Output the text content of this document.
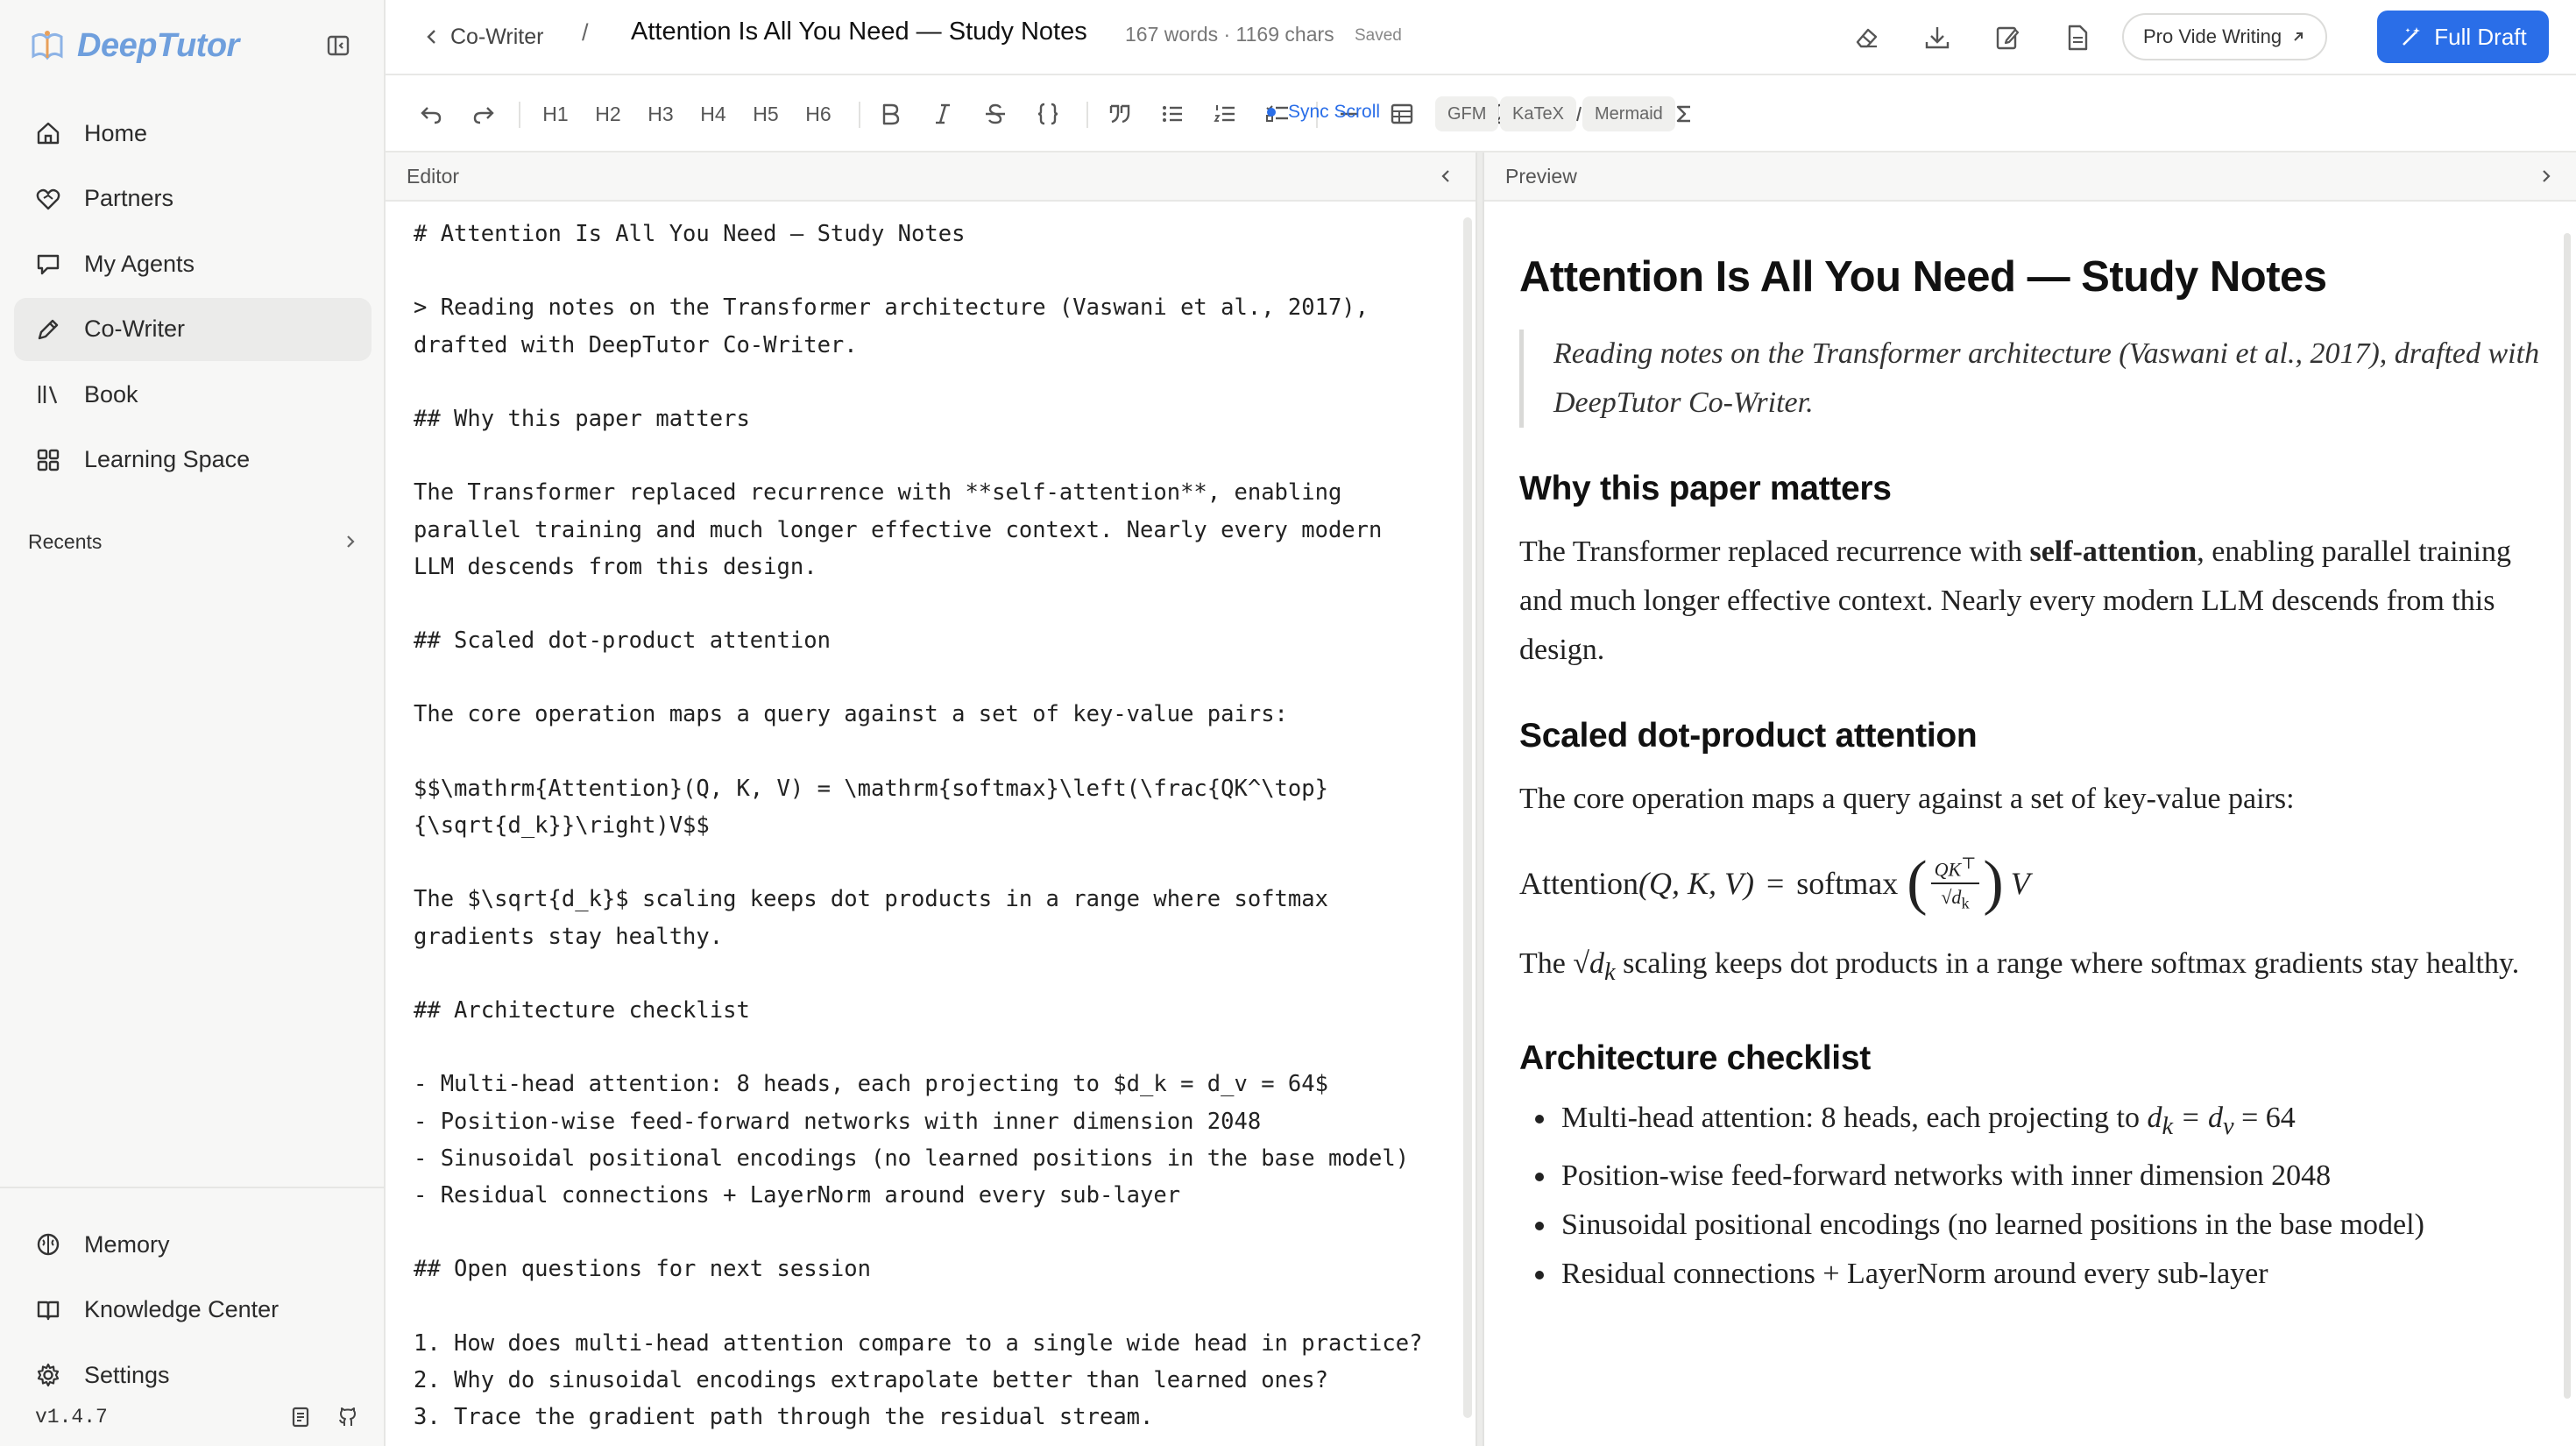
DeepTutor
Home
Partners
My Agents
Co-Writer
Book
Learning Space
Recents
Memory
Knowledge Center
Settings
v1.4.7
Co-Writer / Attention Is All You Need — Study Notes 167 words · 1169 chars Saved	Pro Vide Writing	Full Draft
H1	H2	H3	H4	H5	H6	Sync Scroll	GFM	KaTeX	Mermaid
Editor
# Attention Is All You Need — Study Notes
> Reading notes on the Transformer architecture (Vaswani et al., 2017),
drafted with DeepTutor Co-Writer.
## Why this paper matters
The Transformer replaced recurrence with **self-attention**, enabling
parallel training and much longer effective context. Nearly every modern
LLM descends from this design.
## Scaled dot-product attention
The core operation maps a query against a set of key-value pairs:
$$\mathrm{Attention}(Q, K, V) = \mathrm{softmax}\left(\frac{QK^\top}
{\sqrt{d_k}}\right)V$$
The $\sqrt{d_k}$ scaling keeps dot products in a range where softmax
gradients stay healthy.
## Architecture checklist
- Multi-head attention: 8 heads, each projecting to $d_k = d_v = 64$
- Position-wise feed-forward networks with inner dimension 2048
- Sinusoidal positional encodings (no learned positions in the base model)
- Residual connections + LayerNorm around every sub-layer
## Open questions for next session
1. How does multi-head attention compare to a single wide head in practice?
2. Why do sinusoidal encodings extrapolate better than learned ones?
3. Trace the gradient path through the residual stream.
Preview
Attention Is All You Need — Study Notes
Reading notes on the Transformer architecture (Vaswani et al., 2017), drafted with DeepTutor Co-Writer.
Why this paper matters

The Transformer replaced recurrence with self-attention, enabling parallel training and much longer effective context. Nearly every modern LLM descends from this design.

Scaled dot-product attention

The core operation maps a query against a set of key-value pairs:

Attention (Q, K, V) = softmax ( $\frac{QK^⊤}{√d_k}$ ) V

The $√d_k$ scaling keeps dot products in a range where softmax gradients stay healthy.

Architecture checklist
Multi-head attention: 8 heads, each projecting to $d_k = d_v = 64$
Position-wise feed-forward networks with inner dimension 2048
Sinusoidal positional encodings (no learned positions in the base model)
Residual connections + LayerNorm around every sub-layer
